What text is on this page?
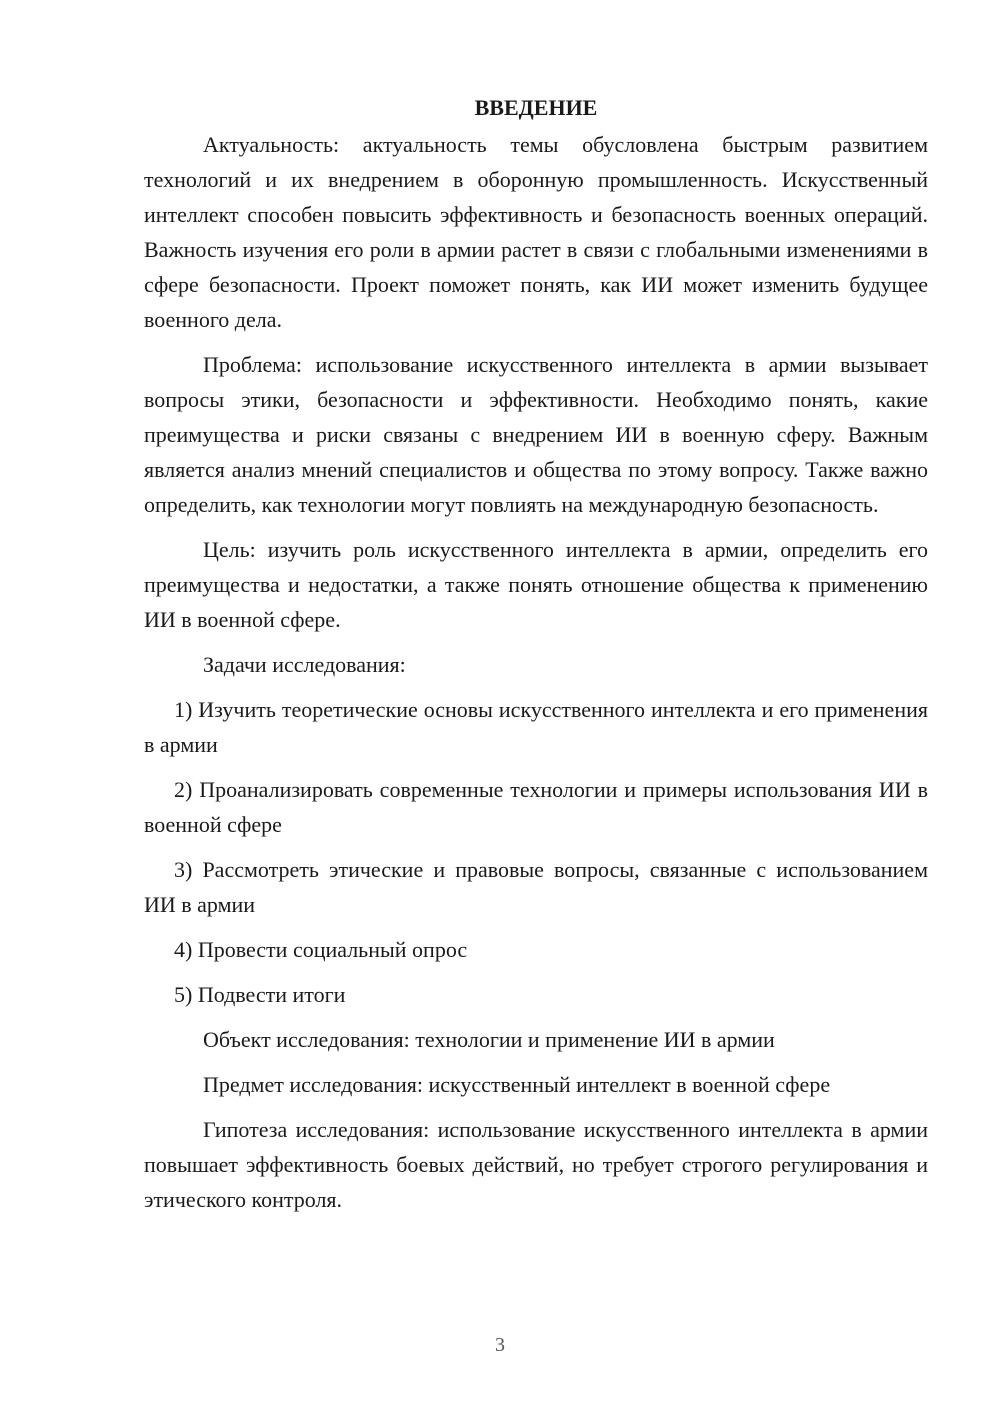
ВВЕДЕНИЕ

Актуальность: актуальность темы обусловлена быстрым развитием технологий и их внедрением в оборонную промышленность. Искусственный интеллект способен повысить эффективность и безопасность военных операций. Важность изучения его роли в армии растет в связи с глобальными изменениями в сфере безопасности. Проект поможет понять, как ИИ может изменить будущее военного дела.

Проблема: использование искусственного интеллекта в армии вызывает вопросы этики, безопасности и эффективности. Необходимо понять, какие преимущества и риски связаны с внедрением ИИ в военную сферу. Важным является анализ мнений специалистов и общества по этому вопросу. Также важно определить, как технологии могут повлиять на международную безопасность.

Цель: изучить роль искусственного интеллекта в армии, определить его преимущества и недостатки, а также понять отношение общества к применению ИИ в военной сфере.

Задачи исследования:

1) Изучить теоретические основы искусственного интеллекта и его применения в армии

2) Проанализировать современные технологии и примеры использования ИИ в военной сфере

3) Рассмотреть этические и правовые вопросы, связанные с использованием ИИ в армии

4) Провести социальный опрос

5) Подвести итоги

Объект исследования: технологии и применение ИИ в армии

Предмет исследования: искусственный интеллект в военной сфере

Гипотеза исследования: использование искусственного интеллекта в армии повышает эффективность боевых действий, но требует строгого регулирования и этического контроля.

3
